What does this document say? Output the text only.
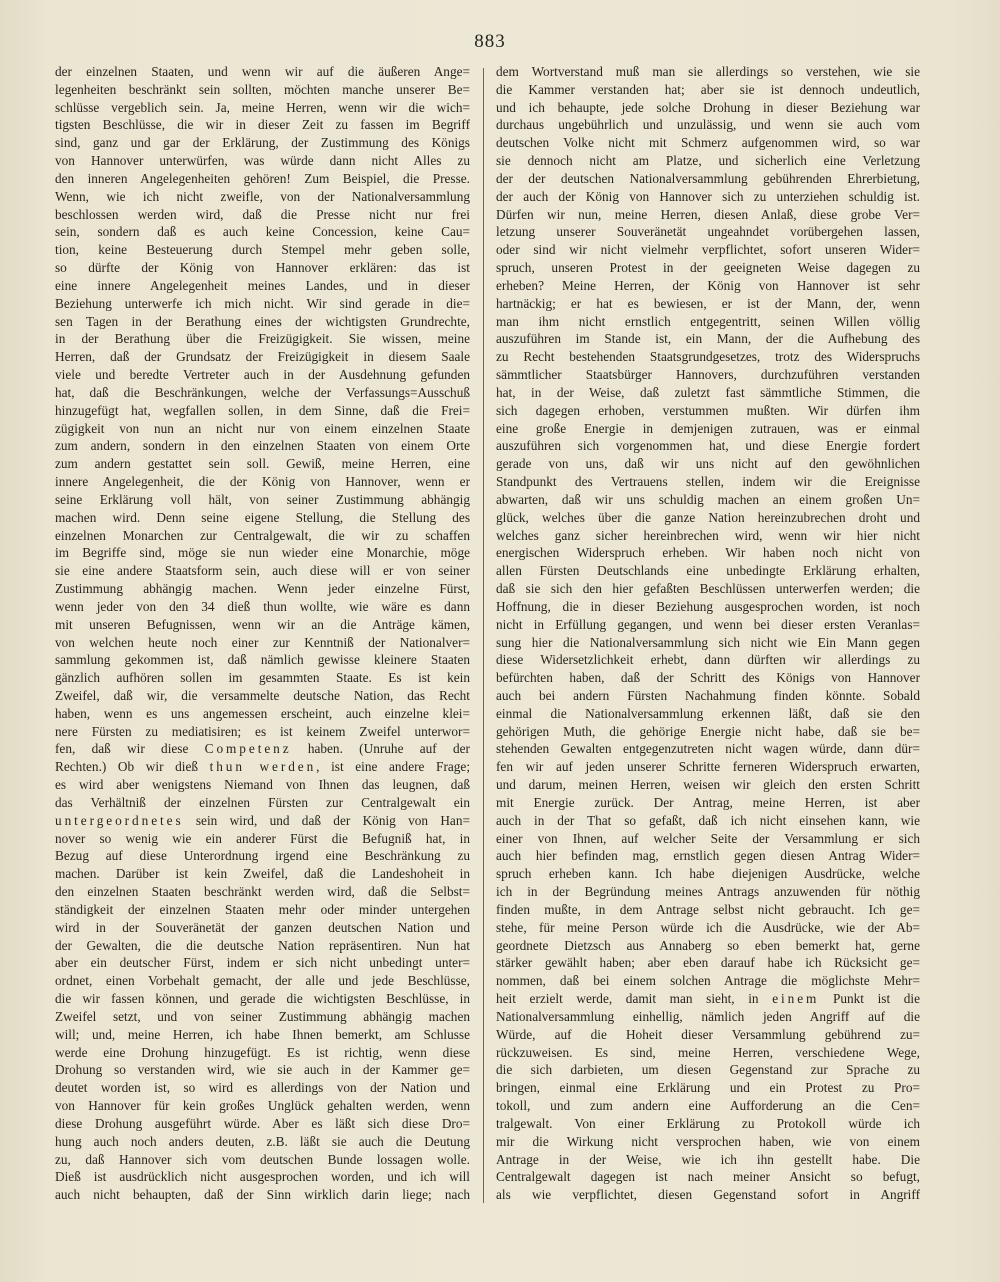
883
der einzelnen Staaten, und wenn wir auf die äußeren Ange=
legenheiten beschränkt sein sollten, möchten manche unserer Be=
schlüsse vergeblich sein. Ja, meine Herren, wenn wir die wich=
tigsten Beschlüsse, die wir in dieser Zeit zu fassen im Begriff
sind, ganz und gar der Erklärung, der Zustimmung des Königs
von Hannover unterwürfen, was würde dann nicht Alles zu
den inneren Angelegenheiten gehören! Zum Beispiel, die Presse.
Wenn, wie ich nicht zweifle, von der Nationalversammlung
beschlossen werden wird, daß die Presse nicht nur frei
sein, sondern daß es auch keine Concession, keine Cau=
tion, keine Besteuerung durch Stempel mehr geben solle,
so dürfte der König von Hannover erklären: das ist
eine innere Angelegenheit meines Landes, und in dieser
Beziehung unterwerfe ich mich nicht. Wir sind gerade in die=
sen Tagen in der Berathung eines der wichtigsten Grundrechte,
in der Berathung über die Freizügigkeit. Sie wissen, meine
Herren, daß der Grundsatz der Freizügigkeit in diesem Saale
viele und beredte Vertreter auch in der Ausdehnung gefunden
hat, daß die Beschränkungen, welche der Verfassungs=Ausschuß
hinzugefügt hat, wegfallen sollen, in dem Sinne, daß die Frei=
zügigkeit von nun an nicht nur von einem einzelnen Staate
zum andern, sondern in den einzelnen Staaten von einem Orte
zum andern gestattet sein soll. Gewiß, meine Herren, eine
innere Angelegenheit, die der König von Hannover, wenn er
seine Erklärung voll hält, von seiner Zustimmung abhängig
machen wird. Denn seine eigene Stellung, die Stellung des
einzelnen Monarchen zur Centralgewalt, die wir zu schaffen
im Begriffe sind, möge sie nun wieder eine Monarchie, möge
sie eine andere Staatsform sein, auch diese will er von seiner
Zustimmung abhängig machen. Wenn jeder einzelne Fürst,
wenn jeder von den 34 dieß thun wollte, wie wäre es dann
mit unseren Befugnissen, wenn wir an die Anträge kämen,
von welchen heute noch einer zur Kenntniß der Nationalver=
sammlung gekommen ist, daß nämlich gewisse kleinere Staaten
gänzlich aufhören sollen im gesammten Staate. Es ist kein
Zweifel, daß wir, die versammelte deutsche Nation, das Recht
haben, wenn es uns angemessen erscheint, auch einzelne klei=
nere Fürsten zu mediatisiren; es ist keinem Zweifel unterwor=
fen, daß wir diese Competenz haben. (Unruhe auf der
Rechten.) Ob wir dieß thun werden, ist eine andere Frage;
es wird aber wenigstens Niemand von Ihnen das leugnen, daß
das Verhältniß der einzelnen Fürsten zur Centralgewalt ein
untergeordnetes sein wird, und daß der König von Han=
nover so wenig wie ein anderer Fürst die Befugniß hat, in
Bezug auf diese Unterordnung irgend eine Beschränkung zu
machen. Darüber ist kein Zweifel, daß die Landeshoheit in
den einzelnen Staaten beschränkt werden wird, daß die Selbst=
ständigkeit der einzelnen Staaten mehr oder minder untergehen
wird in der Souveränetät der ganzen deutschen Nation und
der Gewalten, die die deutsche Nation repräsentiren. Nun hat
aber ein deutscher Fürst, indem er sich nicht unbedingt unter=
ordnet, einen Vorbehalt gemacht, der alle und jede Beschlüsse,
die wir fassen können, und gerade die wichtigsten Beschlüsse, in
Zweifel setzt, und von seiner Zustimmung abhängig machen
will; und, meine Herren, ich habe Ihnen bemerkt, am Schlusse
werde eine Drohung hinzugefügt. Es ist richtig, wenn diese
Drohung so verstanden wird, wie sie auch in der Kammer ge=
deutet worden ist, so wird es allerdings von der Nation und
von Hannover für kein großes Unglück gehalten werden, wenn
diese Drohung ausgeführt würde. Aber es läßt sich diese Dro=
hung auch noch anders deuten, z.B. läßt sie auch die Deutung
zu, daß Hannover sich vom deutschen Bunde lossagen wolle.
Dieß ist ausdrücklich nicht ausgesprochen worden, und ich will
auch nicht behaupten, daß der Sinn wirklich darin liege; nach
dem Wortverstand muß man sie allerdings so verstehen, wie sie
die Kammer verstanden hat; aber sie ist dennoch undeutlich,
und ich behaupte, jede solche Drohung in dieser Beziehung war
durchaus ungebührlich und unzulässig, und wenn sie auch vom
deutschen Volke nicht mit Schmerz aufgenommen wird, so war
sie dennoch nicht am Platze, und sicherlich eine Verletzung
der der deutschen Nationalversammlung gebührenden Ehrerbietung,
der auch der König von Hannover sich zu unterziehen schuldig ist.
Dürfen wir nun, meine Herren, diesen Anlaß, diese grobe Ver=
letzung unserer Souveränetät ungeahndet vorübergehen lassen,
oder sind wir nicht vielmehr verpflichtet, sofort unseren Wider=
spruch, unseren Protest in der geeigneten Weise dagegen zu
erheben? Meine Herren, der König von Hannover ist sehr
hartnäckig; er hat es bewiesen, er ist der Mann, der, wenn
man ihm nicht ernstlich entgegentritt, seinen Willen völlig
auszuführen im Stande ist, ein Mann, der die Aufhebung des
zu Recht bestehenden Staatsgrundgesetzes, trotz des Widerspruchs
sämmtlicher Staatsbürger Hannovers, durchzuführen verstanden
hat, in der Weise, daß zuletzt fast sämmtliche Stimmen, die
sich dagegen erhoben, verstummen mußten. Wir dürfen ihm
eine große Energie in demjenigen zutrauen, was er einmal
auszuführen sich vorgenommen hat, und diese Energie fordert
gerade von uns, daß wir uns nicht auf den gewöhnlichen
Standpunkt des Vertrauens stellen, indem wir die Ereignisse
abwarten, daß wir uns schuldig machen an einem großen Un=
glück, welches über die ganze Nation hereinzubrechen droht und
welches ganz sicher hereinbrechen wird, wenn wir hier nicht
energischen Widerspruch erheben. Wir haben noch nicht von
allen Fürsten Deutschlands eine unbedingte Erklärung erhalten,
daß sie sich den hier gefaßten Beschlüssen unterwerfen werden; die
Hoffnung, die in dieser Beziehung ausgesprochen worden, ist noch
nicht in Erfüllung gegangen, und wenn bei dieser ersten Veranlas=
sung hier die Nationalversammlung sich nicht wie Ein Mann gegen
diese Widersetzlichkeit erhebt, dann dürften wir allerdings zu
befürchten haben, daß der Schritt des Königs von Hannover
auch bei andern Fürsten Nachahmung finden könnte. Sobald
einmal die Nationalversammlung erkennen läßt, daß sie den
gehörigen Muth, die gehörige Energie nicht habe, daß sie be=
stehenden Gewalten entgegenzutreten nicht wagen würde, dann dür=
fen wir auf jeden unserer Schritte ferneren Widerspruch erwarten,
und darum, meinen Herren, weisen wir gleich den ersten Schritt
mit Energie zurück. Der Antrag, meine Herren, ist aber
auch in der That so gefaßt, daß ich nicht einsehen kann, wie
einer von Ihnen, auf welcher Seite der Versammlung er sich
auch hier befinden mag, ernstlich gegen diesen Antrag Wider=
spruch erheben kann. Ich habe diejenigen Ausdrücke, welche
ich in der Begründung meines Antrags anzuwenden für nöthig
finden mußte, in dem Antrage selbst nicht gebraucht. Ich ge=
stehe, für meine Person würde ich die Ausdrücke, wie der Ab=
geordnete Dietzsch aus Annaberg so eben bemerkt hat, gerne
stärker gewählt haben; aber eben darauf habe ich Rücksicht ge=
nommen, daß bei einem solchen Antrage die möglichste Mehr=
heit erzielt werde, damit man sieht, in einem Punkt ist die
Nationalversammlung einhellig, nämlich jeden Angriff auf die
Würde, auf die Hoheit dieser Versammlung gebührend zu=
rückzuweisen. Es sind, meine Herren, verschiedene Wege,
die sich darbieten, um diesen Gegenstand zur Sprache zu
bringen, einmal eine Erklärung und ein Protest zu Pro=
tokoll, und zum andern eine Aufforderung an die Cen=
tralgewalt. Von einer Erklärung zu Protokoll würde ich
mir die Wirkung nicht versprochen haben, wie von einem
Antrage in der Weise, wie ich ihn gestellt habe. Die
Centralgewalt dagegen ist nach meiner Ansicht so befugt,
als wie verpflichtet, diesen Gegenstand sofort in Angriff
